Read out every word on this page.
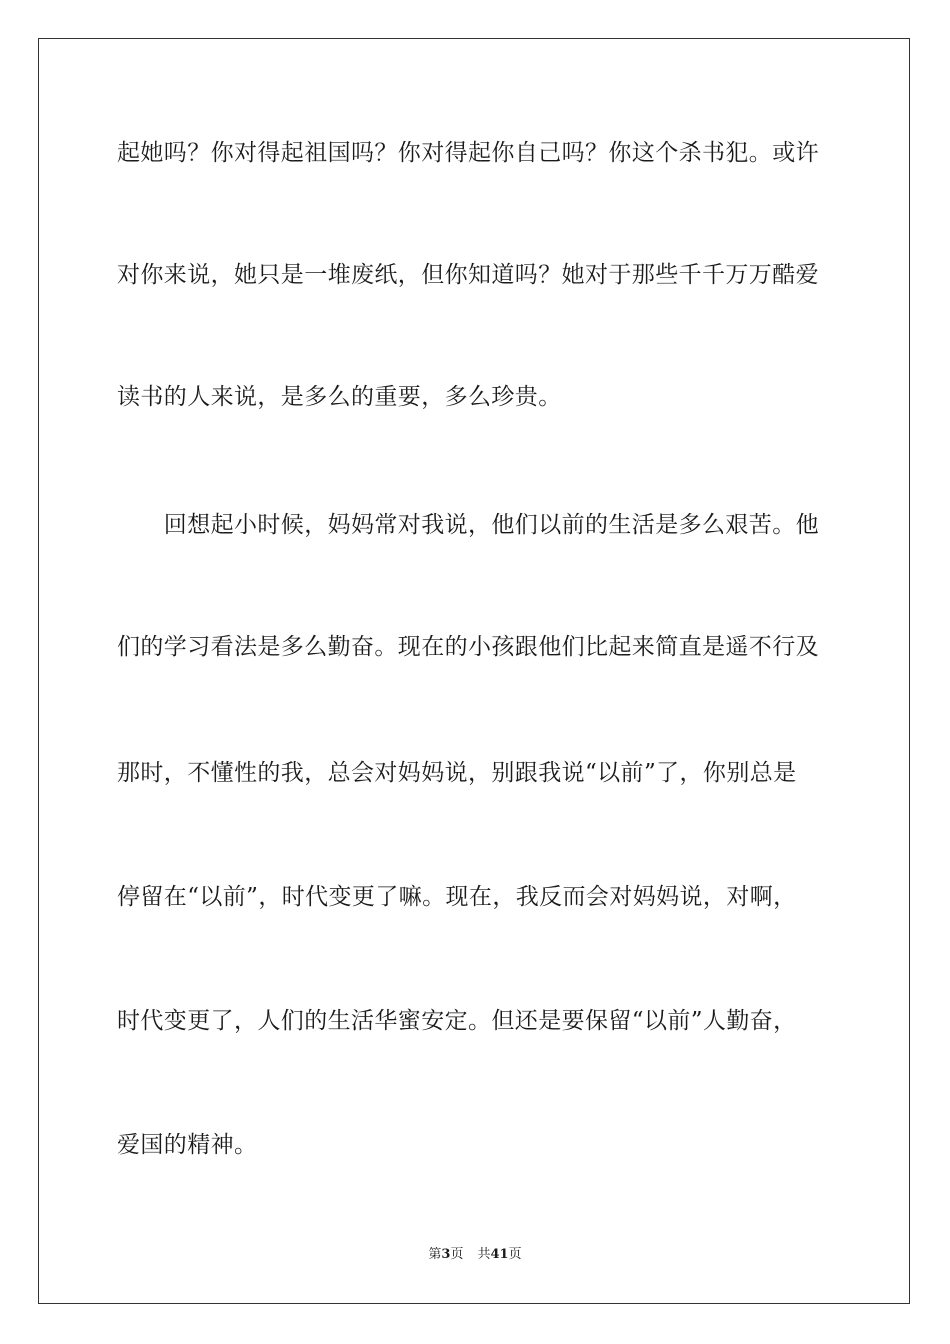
起她吗？你对得起祖国吗？你对得起你自己吗？你这个杀书犯。或许
对你来说，她只是一堆废纸，但你知道吗？她对于那些千千万万酷爱
读书的人来说，是多么的重要，多么珍贵。
　　回想起小时候，妈妈常对我说，他们以前的生活是多么艰苦。他
们的学习看法是多么勤奋。现在的小孩跟他们比起来简直是遥不行及
那时，不懂性的我，总会对妈妈说，别跟我说“以前”了，你别总是
停留在“以前”，时代变更了嘛。现在，我反而会对妈妈说，对啊，
时代变更了，人们的生活华蜜安定。但还是要保留“以前”人勤奋，
爱国的精神。
第3页 共41页
